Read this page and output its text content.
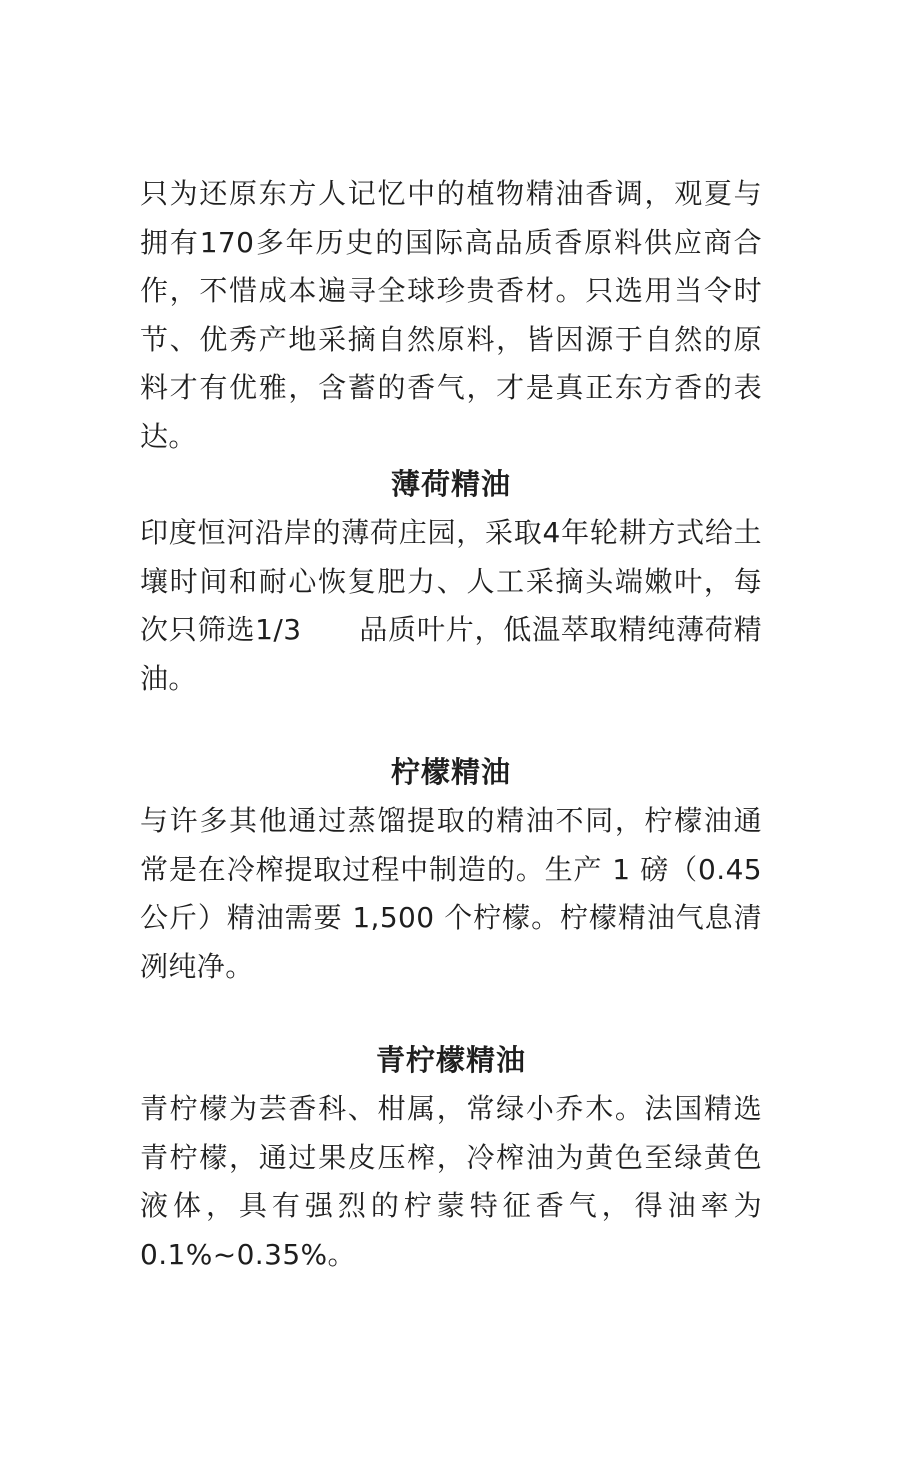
只为还原东方人记忆中的植物精油香调，观夏与拥有170多年历史的国际高品质香原料供应商合作，不惜成本遍寻全球珍贵香材。只选用当令时节、优秀产地采摘自然原料，皆因源于自然的原料才有优雅，含蓄的香气，才是真正东方香的表达。

薄荷精油

印度恒河沿岸的薄荷庄园，采取4年轮耕方式给土壤时间和耐心恢复肥力、人工采摘头端嫩叶，每次只筛选1/3　　品质叶片，低温萃取精纯薄荷精油。

柠檬精油

与许多其他通过蒸馏提取的精油不同，柠檬油通常是在冷榨提取过程中制造的。生产 1 磅（0.45公斤）精油需要 1,500 个柠檬。柠檬精油气息清冽纯净。

青柠檬精油

青柠檬为芸香科、柑属，常绿小乔木。法国精选青柠檬，通过果皮压榨，冷榨油为黄色至绿黄色液体，具有强烈的柠蒙特征香气，得油率为0.1%~0.35%。
